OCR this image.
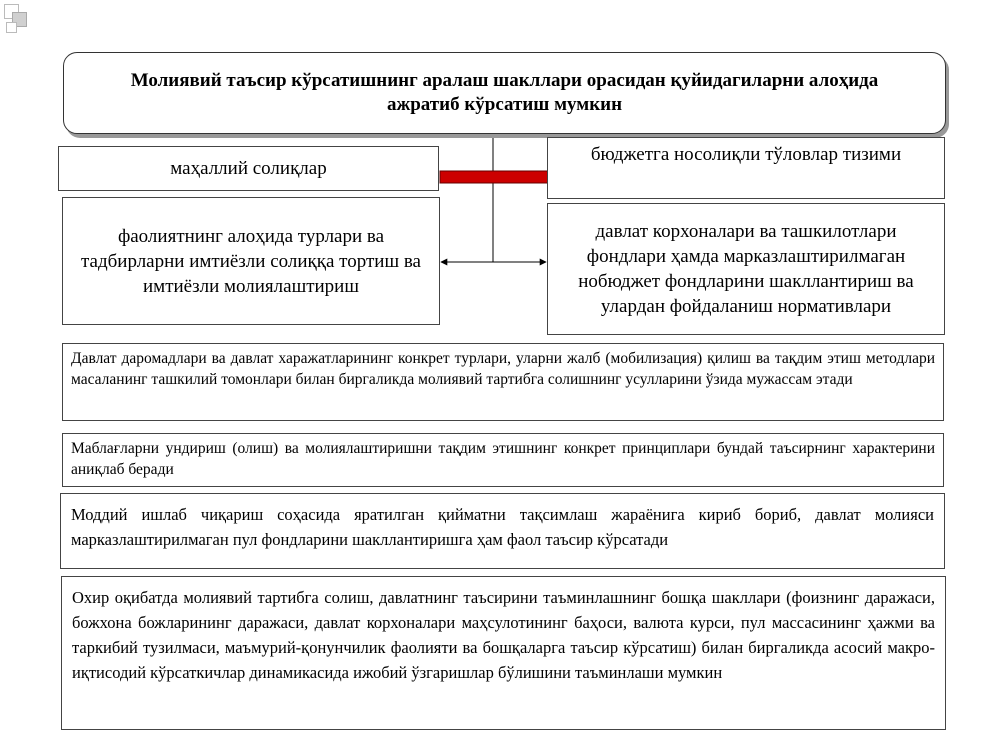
Молиявий таъсир кўрсатишнинг аралаш шакллари орасидан қуйидагиларни алоҳида ажратиб кўрсатиш мумкин
маҳаллий солиқлар
фаолиятнинг алоҳида турлари ва тадбирларни имтиёзли солиққа тортиш ва имтиёзли молиялаштириш
бюджетга носолиқли тўловлар тизими
давлат корхоналари ва ташкилотлари фондлари ҳамда марказлаштирилмаган нобюджет фондларини шакллантириш ва улардан фойдаланиш нормативлари
Давлат даромадлари ва давлат харажатларининг конкрет турлари, уларни жалб (мобилизация) қилиш ва тақдим этиш методлари масаланинг ташкилий томонлари билан биргаликда молиявий тартибга солишнинг усулларини ўзида мужассам этади
Маблағларни ундириш (олиш) ва молиялаштиришни тақдим этишнинг конкрет принциплари бундай таъсирнинг характерини аниқлаб беради
Моддий ишлаб чиқариш соҳасида яратилган қийматни тақсимлаш жараёнига кириб бориб, давлат молияси марказлаштирилмаган пул фондларини шакллантиришга ҳам фаол таъсир кўрсатади
Охир оқибатда молиявий тартибга солиш, давлатнинг таъсирини таъминлашнинг бошқа шакллари (фоизнинг даражаси, божхона божларининг даражаси, давлат корхоналари маҳсулотининг баҳоси, валюта курси, пул массасининг ҳажми ва таркибий тузилмаси, маъмурий-қонунчилик фаолияти ва бошқаларга таъсир кўрсатиш) билан биргаликда асосий макро-иқтисодий кўрсаткичлар динамикасида ижобий ўзгаришлар бўлишини таъминлаши мумкин
